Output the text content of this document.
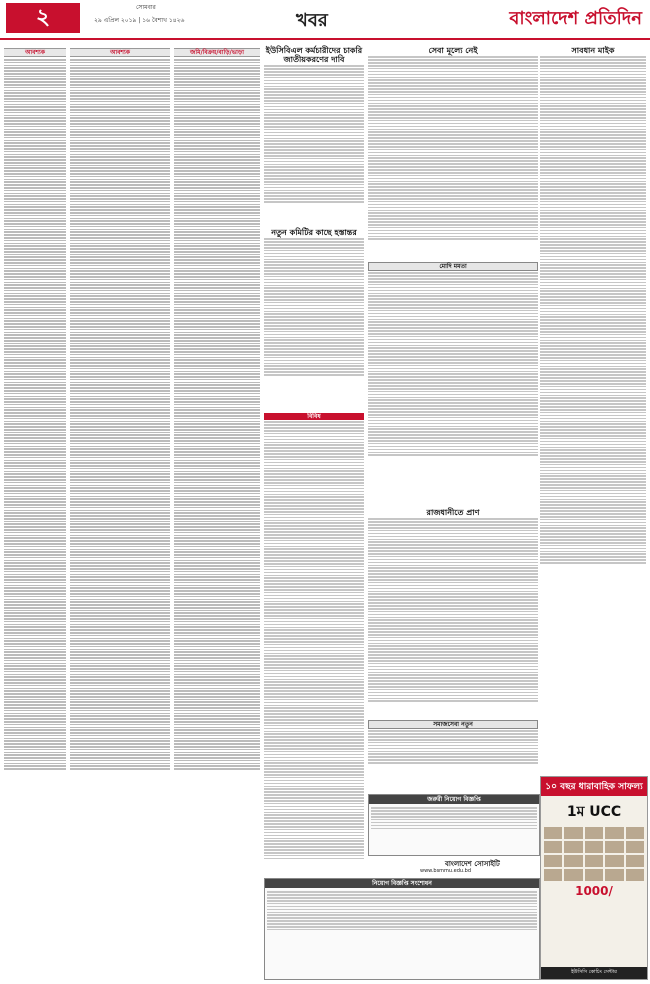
২	সোমবার
২৯ এপ্রিল ২০১৯ | ১৬ বৈশাখ ১৪২৬	খবর	বাংলাদেশ প্রতিদিন
আবশ্যক	আবশ্যক	জমি/বিক্রয়/বাড়ি/ভাড়া	ইউসিবিএল কর্মচারীদের চাকরি জাতীয়করণের দাবি
নতুন কমিটির কাছে হস্তান্তর
বিবিধ
সেবা মূল্যে নেই
মোদি মমতা
রাজধানীতে প্রাণ
সমাজসেবা নতুন
জরুরী নিয়োগ বিজ্ঞপ্তি
বাংলাদেশ সোসাইটি
www.bsmmu.edu.bd
নিয়োগ বিজ্ঞপ্তি সংশোধন
সাবধান মাইক
১০ বছর ধারাবাহিক সাফল্য
1ম UCC
1000/
ইউসিসি কোচিং সেন্টার
